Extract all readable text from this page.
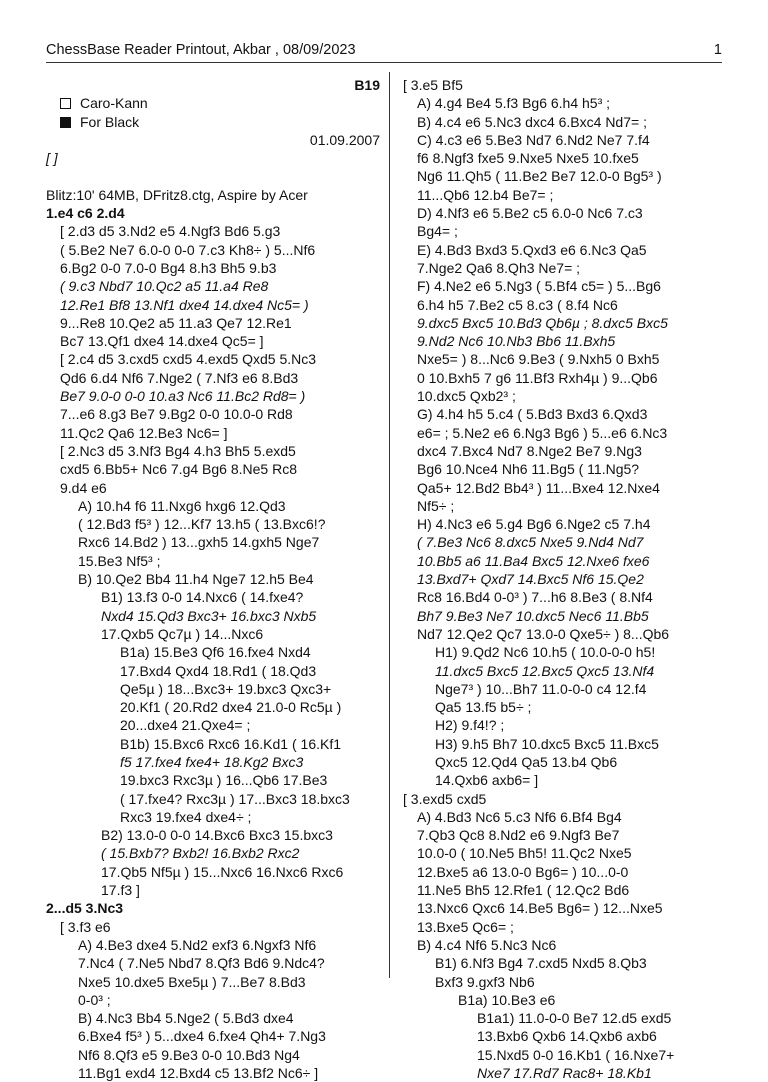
ChessBase Reader Printout, Akbar , 08/09/2023	1
B19
Caro-Kann
For Black
01.09.2007
[ ]

Blitz:10' 64MB, DFritz8.ctg, Aspire by Acer
1.e4 c6 2.d4
[ 2.d3 d5 3.Nd2 e5 4.Ngf3 Bd6 5.g3
( 5.Be2 Ne7 6.0-0 0-0 7.c3 Kh8÷ ) 5...Nf6
6.Bg2 0-0 7.0-0 Bg4 8.h3 Bh5 9.b3
( 9.c3 Nbd7 10.Qc2 a5 11.a4 Re8
12.Re1 Bf8 13.Nf1 dxe4 14.dxe4 Nc5= )
9...Re8 10.Qe2 a5 11.a3 Qe7 12.Re1
Bc7 13.Qf1 dxe4 14.dxe4 Qc5= ]
[ 2.c4 d5 3.cxd5 cxd5 4.exd5 Qxd5 5.Nc3
Qd6 6.d4 Nf6 7.Nge2 ( 7.Nf3 e6 8.Bd3
Be7 9.0-0 0-0 10.a3 Nc6 11.Bc2 Rd8= )
7...e6 8.g3 Be7 9.Bg2 0-0 10.0-0 Rd8
11.Qc2 Qa6 12.Be3 Nc6= ]
[ 2.Nc3 d5 3.Nf3 Bg4 4.h3 Bh5 5.exd5
cxd5 6.Bb5+ Nc6 7.g4 Bg6 8.Ne5 Rc8
9.d4 e6
A) 10.h4 f6 11.Nxg6 hxg6 12.Qd3
( 12.Bd3 f5³ ) 12...Kf7 13.h5 ( 13.Bxc6!?
Rxc6 14.Bd2 ) 13...gxh5 14.gxh5 Nge7
15.Be3 Nf5³ ;
B) 10.Qe2 Bb4 11.h4 Nge7 12.h5 Be4
B1) 13.f3 0-0 14.Nxc6 ( 14.fxe4?
Nxd4 15.Qd3 Bxc3+ 16.bxc3 Nxb5
17.Qxb5 Qc7µ ) 14...Nxc6
B1a) 15.Be3 Qf6 16.fxe4 Nxd4
17.Bxd4 Qxd4 18.Rd1 ( 18.Qd3
Qe5µ ) 18...Bxc3+ 19.bxc3 Qxc3+
20.Kf1 ( 20.Rd2 dxe4 21.0-0 Rc5µ )
20...dxe4 21.Qxe4= ;
B1b) 15.Bxc6 Rxc6 16.Kd1 ( 16.Kf1
f5 17.fxe4 fxe4+ 18.Kg2 Bxc3
19.bxc3 Rxc3µ ) 16...Qb6 17.Be3
( 17.fxe4? Rxc3µ ) 17...Bxc3 18.bxc3
Rxc3 19.fxe4 dxe4÷ ;
B2) 13.0-0 0-0 14.Bxc6 Bxc3 15.bxc3
( 15.Bxb7? Bxb2! 16.Bxb2 Rxc2
17.Qb5 Nf5µ ) 15...Nxc6 16.Nxc6 Rxc6
17.f3 ]
2...d5 3.Nc3
[ 3.f3 e6
A) 4.Be3 dxe4 5.Nd2 exf3 6.Ngxf3 Nf6
7.Nc4 ( 7.Ne5 Nbd7 8.Qf3 Bd6 9.Ndc4?
Nxe5 10.dxe5 Bxe5µ ) 7...Be7 8.Bd3
0-0³ ;
B) 4.Nc3 Bb4 5.Nge2 ( 5.Bd3 dxe4
6.Bxe4 f5³ ) 5...dxe4 6.fxe4 Qh4+ 7.Ng3
Nf6 8.Qf3 e5 9.Be3 0-0 10.Bd3 Ng4
11.Bg1 exd4 12.Bxd4 c5 13.Bf2 Nc6÷ ]
[ 3.e5 Bf5
A) 4.g4 Be4 5.f3 Bg6 6.h4 h5³ ;
B) 4.c4 e6 5.Nc3 dxc4 6.Bxc4 Nd7= ;
C) 4.c3 e6 5.Be3 Nd7 6.Nd2 Ne7 7.f4
f6 8.Ngf3 fxe5 9.Nxe5 Nxe5 10.fxe5
Ng6 11.Qh5 ( 11.Be2 Be7 12.0-0 Bg5³ )
11...Qb6 12.b4 Be7= ;
D) 4.Nf3 e6 5.Be2 c5 6.0-0 Nc6 7.c3
Bg4= ;
E) 4.Bd3 Bxd3 5.Qxd3 e6 6.Nc3 Qa5
7.Nge2 Qa6 8.Qh3 Ne7= ;
F) 4.Ne2 e6 5.Ng3 ( 5.Bf4 c5= ) 5...Bg6
6.h4 h5 7.Be2 c5 8.c3 ( 8.f4 Nc6
9.dxc5 Bxc5 10.Bd3 Qb6µ ; 8.dxc5 Bxc5
9.Nd2 Nc6 10.Nb3 Bb6 11.Bxh5
Nxe5= ) 8...Nc6 9.Be3 ( 9.Nxh5 0 Bxh5
0 10.Bxh5 7 g6 11.Bf3 Rxh4µ ) 9...Qb6
10.dxc5 Qxb2³ ;
G) 4.h4 h5 5.c4 ( 5.Bd3 Bxd3 6.Qxd3
e6= ; 5.Ne2 e6 6.Ng3 Bg6 ) 5...e6 6.Nc3
dxc4 7.Bxc4 Nd7 8.Nge2 Be7 9.Ng3
Bg6 10.Nce4 Nh6 11.Bg5 ( 11.Ng5?
Qa5+ 12.Bd2 Bb4³ ) 11...Bxe4 12.Nxe4
Nf5÷ ;
H) 4.Nc3 e6 5.g4 Bg6 6.Nge2 c5 7.h4
( 7.Be3 Nc6 8.dxc5 Nxe5 9.Nd4 Nd7
10.Bb5 a6 11.Ba4 Bxc5 12.Nxe6 fxe6
13.Bxd7+ Qxd7 14.Bxc5 Nf6 15.Qe2
Rc8 16.Bd4 0-0³ ) 7...h6 8.Be3 ( 8.Nf4
Bh7 9.Be3 Ne7 10.dxc5 Nec6 11.Bb5
Nd7 12.Qe2 Qc7 13.0-0 Qxe5÷ ) 8...Qb6
H1) 9.Qd2 Nc6 10.h5 ( 10.0-0-0 h5!
11.dxc5 Bxc5 12.Bxc5 Qxc5 13.Nf4
Nge7³ ) 10...Bh7 11.0-0-0 c4 12.f4
Qa5 13.f5 b5÷ ;
H2) 9.f4!? ;
H3) 9.h5 Bh7 10.dxc5 Bxc5 11.Bxc5
Qxc5 12.Qd4 Qa5 13.b4 Qb6
14.Qxb6 axb6= ]
[ 3.exd5 cxd5
A) 4.Bd3 Nc6 5.c3 Nf6 6.Bf4 Bg4
7.Qb3 Qc8 8.Nd2 e6 9.Ngf3 Be7
10.0-0 ( 10.Ne5 Bh5! 11.Qc2 Nxe5
12.Bxe5 a6 13.0-0 Bg6= ) 10...0-0
11.Ne5 Bh5 12.Rfe1 ( 12.Qc2 Bd6
13.Nxc6 Qxc6 14.Be5 Bg6= ) 12...Nxe5
13.Bxe5 Qc6= ;
B) 4.c4 Nf6 5.Nc3 Nc6
B1) 6.Nf3 Bg4 7.cxd5 Nxd5 8.Qb3
Bxf3 9.gxf3 Nb6
B1a) 10.Be3 e6
B1a1) 11.0-0-0 Be7 12.d5 exd5
13.Bxb6 Qxb6 14.Qxb6 axb6
15.Nxd5 0-0 16.Kb1 ( 16.Nxe7+
Nxe7 17.Rd7 Rac8+ 18.Kb1
